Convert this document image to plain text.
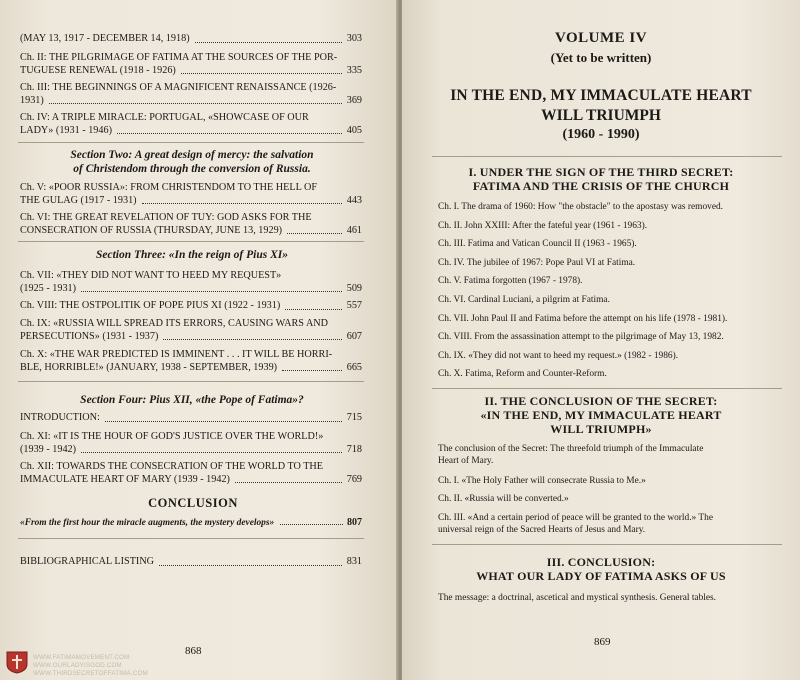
(MAY 13, 1917 - DECEMBER 14, 1918)	303
Ch. II: THE PILGRIMAGE OF FATIMA AT THE SOURCES OF THE POR-
TUGUESE RENEWAL (1918 - 1926)	335
Ch. III: THE BEGINNINGS OF A MAGNIFICENT RENAISSANCE (1926-
1931)	369
Ch. IV: A TRIPLE MIRACLE: PORTUGAL, «SHOWCASE OF OUR
LADY» (1931 - 1946)	405
Section Two: A great design of mercy: the salvation
of Christendom through the conversion of Russia.
Ch. V: «POOR RUSSIA»: FROM CHRISTENDOM TO THE HELL OF
THE GULAG (1917 - 1931)	443
Ch. VI: THE GREAT REVELATION OF TUY: GOD ASKS FOR THE
CONSECRATION OF RUSSIA (THURSDAY, JUNE 13, 1929)	461
Section Three: «In the reign of Pius XI»
Ch. VII: «THEY DID NOT WANT TO HEED MY REQUEST»
(1925 - 1931)	509
Ch. VIII: THE OSTPOLITIK OF POPE PIUS XI (1922 - 1931)	557
Ch. IX: «RUSSIA WILL SPREAD ITS ERRORS, CAUSING WARS AND
PERSECUTIONS» (1931 - 1937)	607
Ch. X: «THE WAR PREDICTED IS IMMINENT . . . IT WILL BE HORRI-
BLE, HORRIBLE!» (JANUARY, 1938 - SEPTEMBER, 1939)	665
Section Four: Pius XII, «the Pope of Fatima»?
INTRODUCTION:	715
Ch. XI: «IT IS THE HOUR OF GOD'S JUSTICE OVER THE WORLD!»
(1939 - 1942)	718
Ch. XII: TOWARDS THE CONSECRATION OF THE WORLD TO THE
IMMACULATE HEART OF MARY (1939 - 1942)	769
CONCLUSION
«From the first hour the miracle augments, the mystery develops»	807
BIBLIOGRAPHICAL LISTING	831
868
VOLUME IV
(Yet to be written)
IN THE END, MY IMMACULATE HEART
WILL TRIUMPH
(1960 - 1990)
I. UNDER THE SIGN OF THE THIRD SECRET:
FATIMA AND THE CRISIS OF THE CHURCH
Ch. I. The drama of 1960: How "the obstacle" to the apostasy was removed.
Ch. II. John XXIII: After the fateful year (1961 - 1963).
Ch. III. Fatima and Vatican Council II (1963 - 1965).
Ch. IV. The jubilee of 1967: Pope Paul VI at Fatima.
Ch. V. Fatima forgotten (1967 - 1978).
Ch. VI. Cardinal Luciani, a pilgrim at Fatima.
Ch. VII. John Paul II and Fatima before the attempt on his life (1978 - 1981).
Ch. VIII. From the assassination attempt to the pilgrimage of May 13, 1982.
Ch. IX. «They did not want to heed my request.» (1982 - 1986).
Ch. X. Fatima, Reform and Counter-Reform.
II. THE CONCLUSION OF THE SECRET:
«IN THE END, MY IMMACULATE HEART
WILL TRIUMPH»
The conclusion of the Secret: The threefold triumph of the Immaculate
Heart of Mary.
Ch. I. «The Holy Father will consecrate Russia to Me.»
Ch. II. «Russia will be converted.»
Ch. III. «And a certain period of peace will be granted to the world.» The
universal reign of the Sacred Hearts of Jesus and Mary.
III. CONCLUSION:
WHAT OUR LADY OF FATIMA ASKS OF US
The message: a doctrinal, ascetical and mystical synthesis. General tables.
869
WWW.FATIMAMOVEMENT.COM
WWW.OURLADYISGOD.COM
WWW.THIRDSECRETOFFATIMA.COM
